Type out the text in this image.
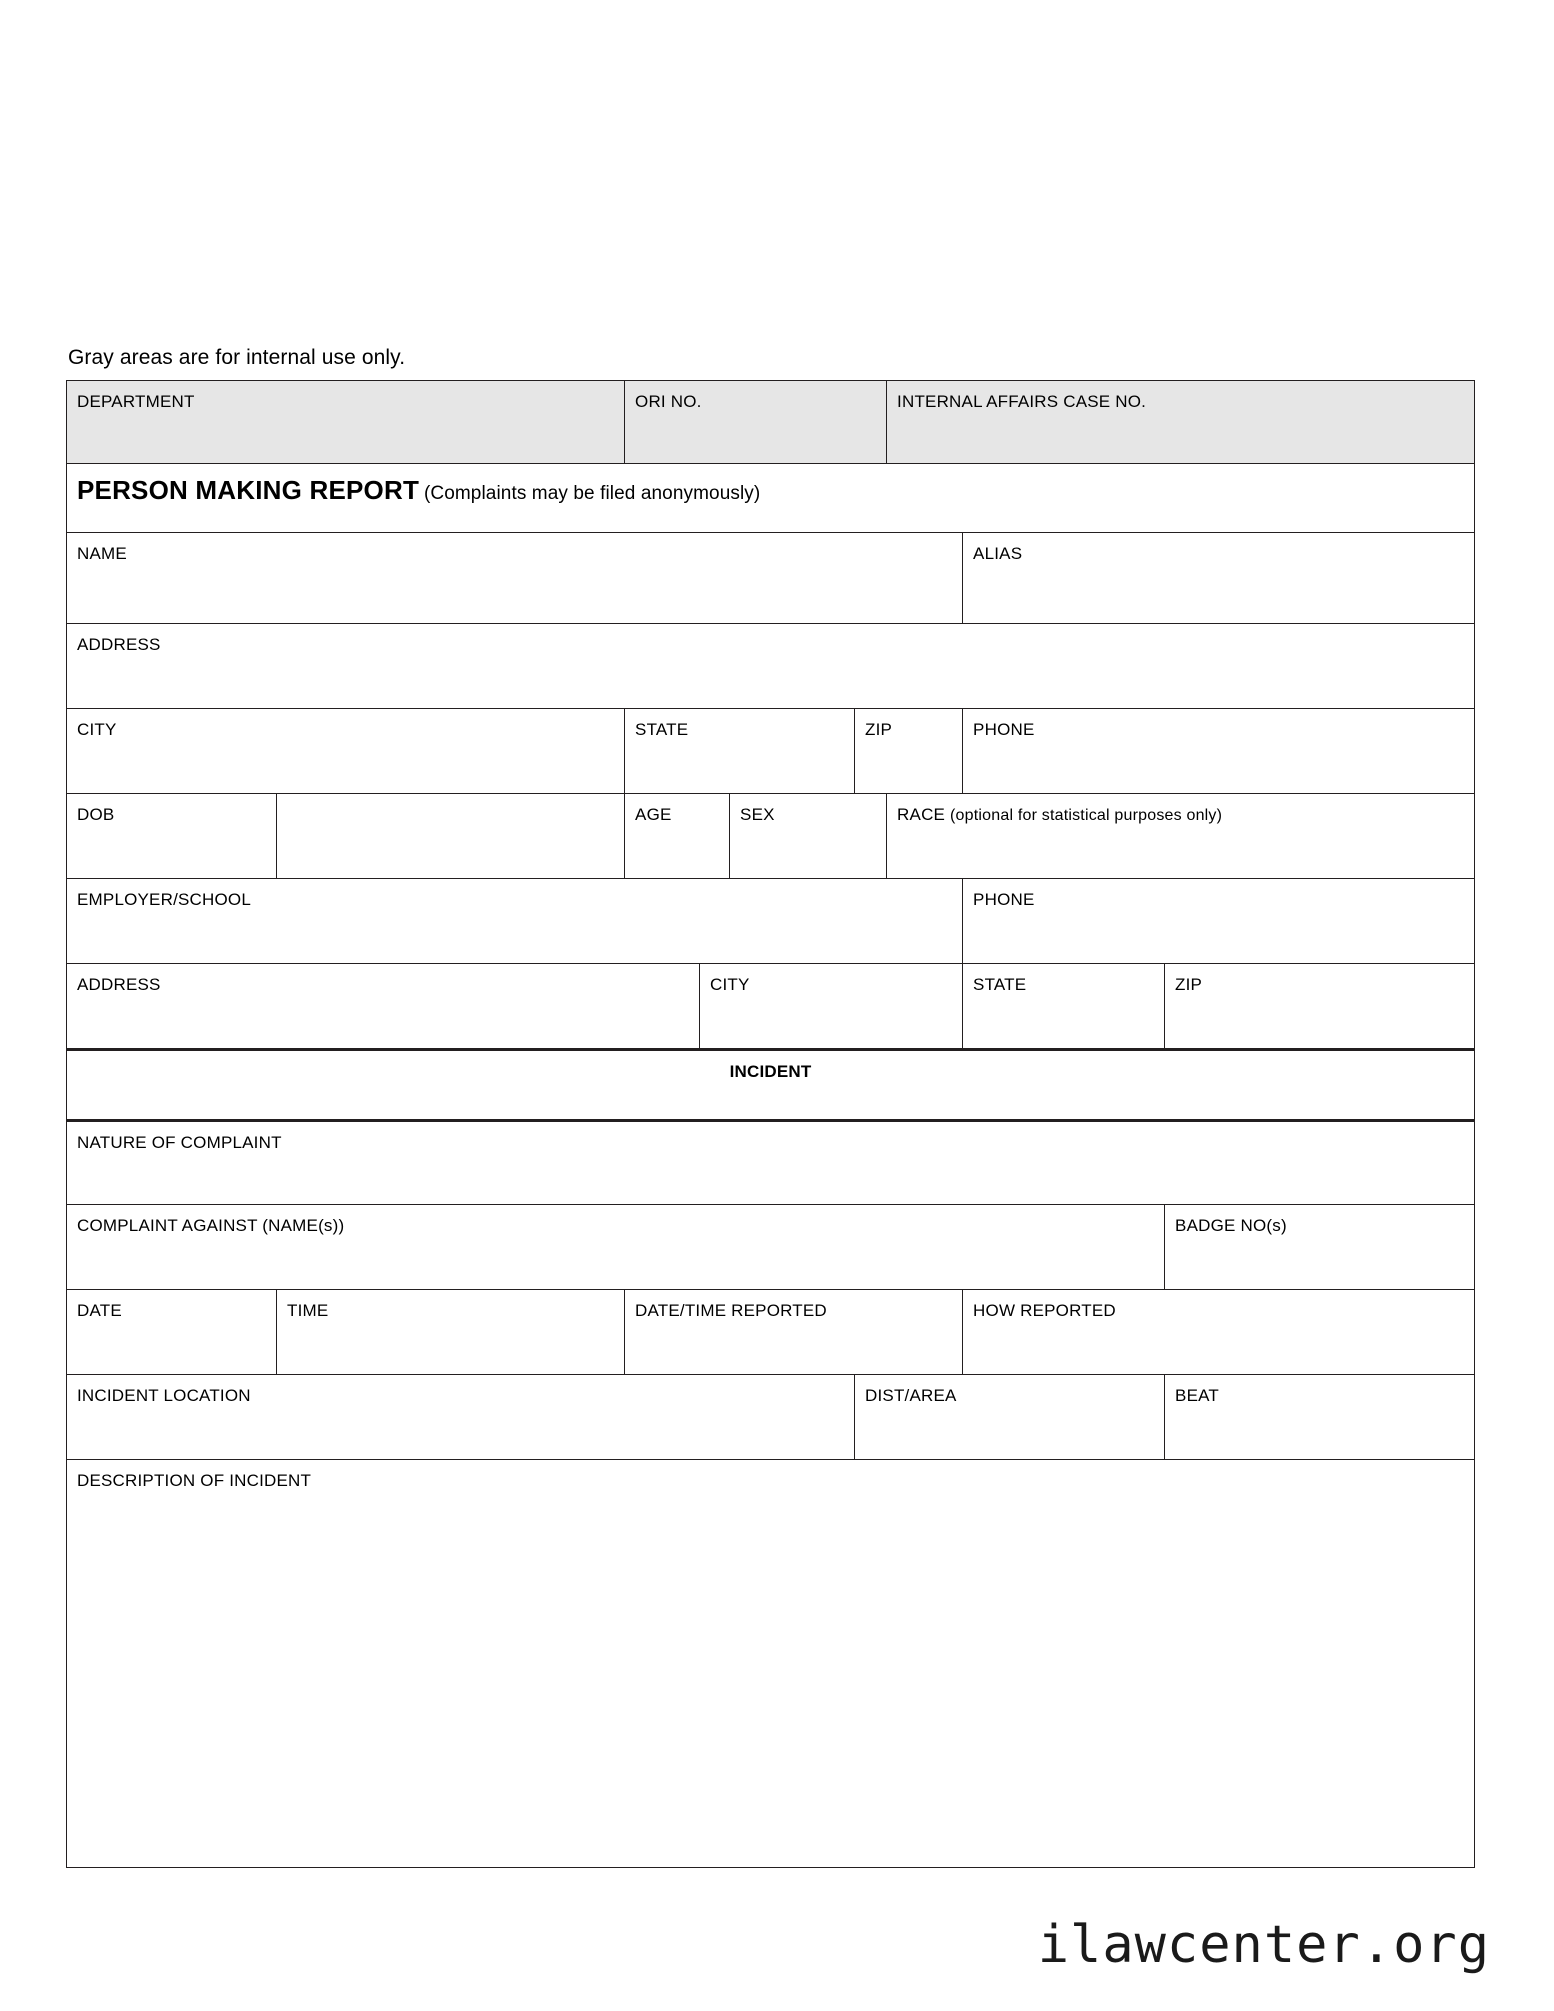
Gray areas are for internal use only.
DEPARTMENT		ORI NO.				INTERNAL AFFAIRS CASE NO.		
PERSON MAKING REPORT (Complaints may be filed anonymously)								
NAME							ALIAS	
ADDRESS								
CITY		STATE			ZIP		PHONE	
DOB		AGE		SEX		RACE (optional for statistical purposes only)		
EMPLOYER/SCHOOL							PHONE	
ADDRESS			CITY				STATE	ZIP
INCIDENT								
NATURE OF COMPLAINT								
COMPLAINT AGAINST (NAME(s))								BADGE NO(s)
DATE	TIME	DATE/TIME REPORTED					HOW REPORTED	
INCIDENT LOCATION					DIST/AREA			BEAT
DESCRIPTION OF INCIDENT								
ilawcenter.org
